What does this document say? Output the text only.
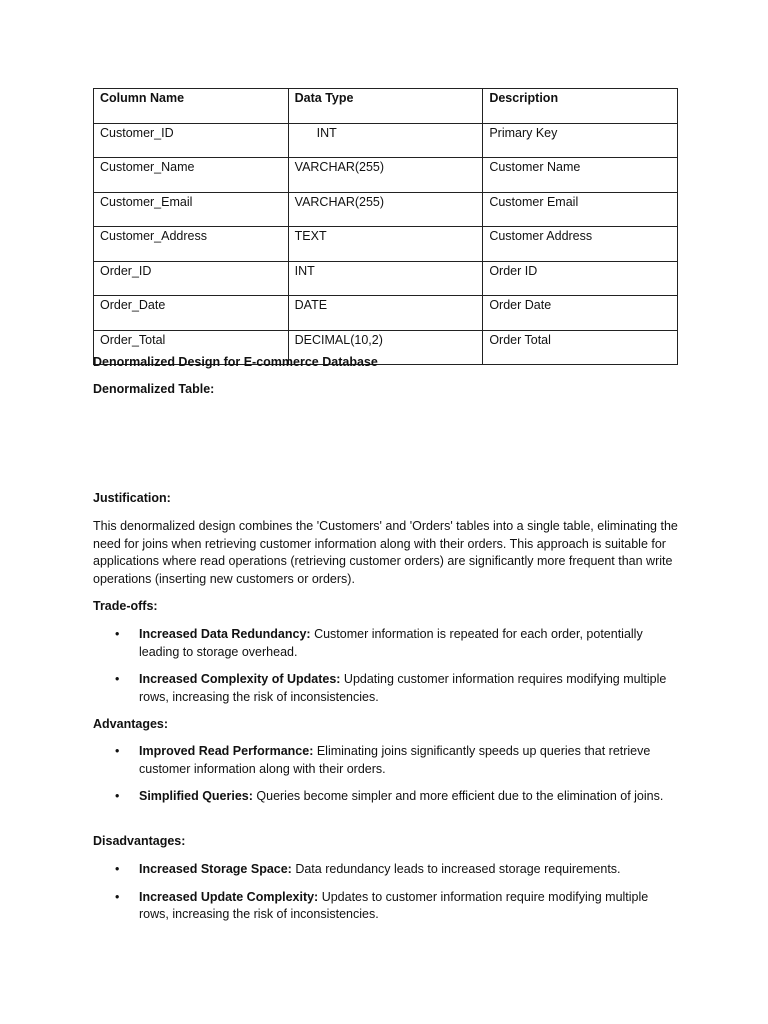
Column Name	Data Type	Description
Customer_ID	INT	Primary Key
Customer_Name	VARCHAR(255)	Customer Name
Customer_Email	VARCHAR(255)	Customer Email
Customer_Address	TEXT	Customer Address
Order_ID	INT	Order ID
Order_Date	DATE	Order Date
Order_Total	DECIMAL(10,2)	Order Total
Denormalized Design for E-commerce Database
Denormalized Table:
Justification:

This denormalized design combines the 'Customers' and 'Orders' tables into a single table, eliminating the need for joins when retrieving customer information along with their orders. This approach is suitable for applications where read operations (retrieving customer orders) are significantly more frequent than write operations (inserting new customers or orders).

Trade-offs:
• Increased Data Redundancy: Customer information is repeated for each order, potentially leading to storage overhead.
• Increased Complexity of Updates: Updating customer information requires modifying multiple rows, increasing the risk of inconsistencies.
Advantages:
• Improved Read Performance: Eliminating joins significantly speeds up queries that retrieve customer information along with their orders.
• Simplified Queries: Queries become simpler and more efficient due to the elimination of joins.
Disadvantages:
• Increased Storage Space: Data redundancy leads to increased storage requirements.
• Increased Update Complexity: Updates to customer information require modifying multiple rows, increasing the risk of inconsistencies.
